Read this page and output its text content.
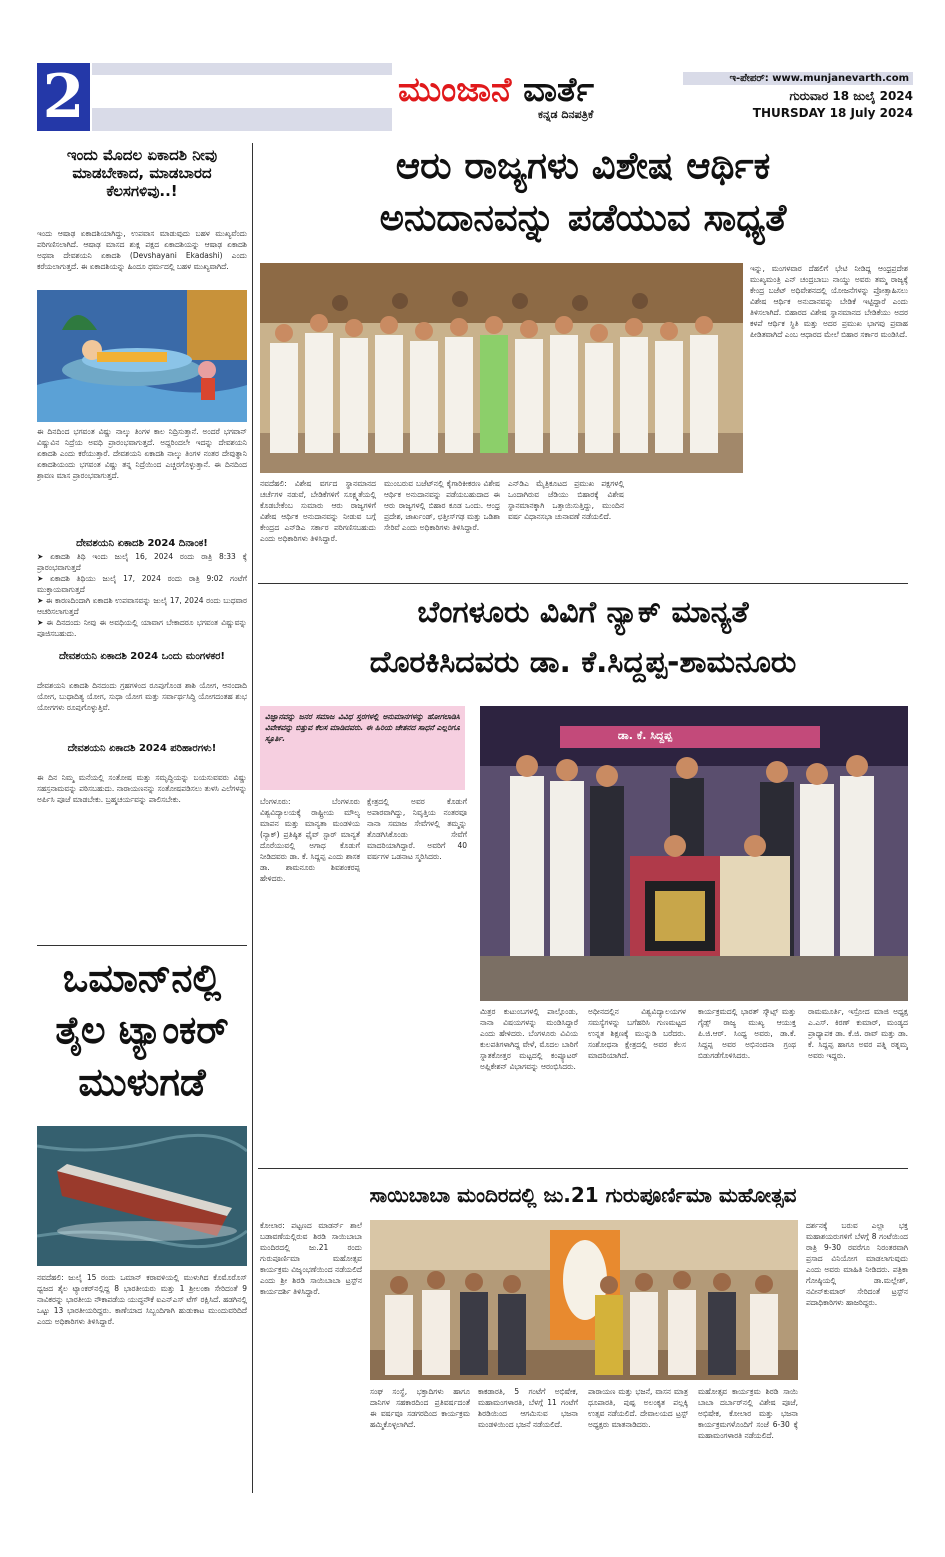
2	ಮುಂಜಾನೆ ವಾರ್ತೆ
ಕನ್ನಡ ದಿನಪತ್ರಿಕೆ
ಇ-ಪೇಪರ್: www.munjanevarth.com
ಗುರುವಾರ 18 ಜುಲೈ 2024
THURSDAY 18 July 2024
ಇಂದು ಮೊದಲ ಏಕಾದಶಿ ನೀವು ಮಾಡಬೇಕಾದ, ಮಾಡಬಾರದ ಕೆಲಸಗಳಿವು..!
ಇಂದು ಆಷಾಢ ಏಕಾದಶಿಯಾಗಿದ್ದು, ಉಪವಾಸ ಮಾಡುವುದು ಬಹಳ ಮುಖ್ಯವೆಂದು ಪರಿಗಣಿಸಲಾಗಿದೆ. ಆಷಾಢ ಮಾಸದ ಶುಕ್ಲ ಪಕ್ಷದ ಏಕಾದಶಿಯನ್ನು ಆಷಾಢ ಏಕಾದಶಿ ಅಥವಾ ದೇವಶಯನಿ ಏಕಾದಶಿ (Devshayani Ekadashi) ಎಂದು ಕರೆಯಲಾಗುತ್ತದೆ. ಈ ಏಕಾದಶಿಯನ್ನು ಹಿಂದೂ ಧರ್ಮದಲ್ಲಿ ಬಹಳ ಮುಖ್ಯವಾಗಿದೆ.
ಈ ದಿನದಿಂದ ಭಗವಂತ ವಿಷ್ಣು ನಾಲ್ಕು ತಿಂಗಳ ಕಾಲ ನಿದ್ರಿಸುತ್ತಾನೆ. ಅಂದರೆ ಭಗವಾನ್ ವಿಷ್ಣುವಿನ ನಿದ್ರೆಯ ಅವಧಿ ಪ್ರಾರಂಭವಾಗುತ್ತದೆ. ಅದ್ದರಿಂದಲೇ ಇದನ್ನು ದೇವಶಯನಿ ಏಕಾದಶಿ ಎಂದು ಕರೆಯುತ್ತಾರೆ. ದೇವಶಯನಿ ಏಕಾದಶಿ ನಾಲ್ಕು ತಿಂಗಳ ನಂತರ ದೇವುತ್ಥಾನಿ ಏಕಾದಶಿಯಂದು ಭಗವಂತ ವಿಷ್ಣು ತನ್ನ ನಿದ್ರೆಯಿಂದ ಎಚ್ಚರಗೊಳ್ಳುತ್ತಾನೆ. ಈ ದಿನದಿಂದ ಶ್ರಾವಣ ಮಾಸ ಪ್ರಾರಂಭವಾಗುತ್ತದೆ.
ದೇವಶಯನಿ ಏಕಾದಶಿ 2024 ದಿನಾಂಕ!
➤ ಏಕಾದಶಿ ತಿಥಿ ಇಂದು ಜುಲೈ 16, 2024 ರಂದು ರಾತ್ರಿ 8:33 ಕ್ಕೆ ಪ್ರಾರಂಭವಾಗುತ್ತದೆ
➤ ಏಕಾದಶಿ ತಿಥಿಯು ಜುಲೈ 17, 2024 ರಂದು ರಾತ್ರಿ 9:02 ಗಂಟೆಗೆ ಮುಕ್ತಾಯವಾಗುತ್ತದೆ
➤ ಈ ಕಾರಣದಿಂದಾಗಿ ಏಕಾದಶಿ ಉಪವಾಸವನ್ನು ಜುಲೈ 17, 2024 ರಂದು ಬುಧವಾರ ಆಚರಿಸಲಾಗುತ್ತದೆ
➤ ಈ ದಿನದಂದು ನೀವು ಈ ಅವಧಿಯಲ್ಲಿ ಯಾವಾಗ ಬೇಕಾದರೂ ಭಗವಂತ ವಿಷ್ಣುವನ್ನು ಪೂಜಿಸಬಹುದು.
ದೇವಶಯನಿ ಏಕಾದಶಿ 2024 ಒಂದು ಮಂಗಳಕರ!
ದೇವಶಯನಿ ಏಕಾದಶಿ ದಿನದಂದು ಗ್ರಹಗಳಿಂದ ರೂಪುಗೊಂಡ ಶಾಶಿ ಯೋಗ, ಆನಂದಾದಿ ಯೋಗ, ಬುಧಾದಿತ್ಯ ಯೋಗ, ಸುಧಾ ಯೋಗ ಮತ್ತು ಸರ್ವಾರ್ಥಸಿದ್ಧಿ ಯೋಗದಂತಹ ಶುಭ ಯೋಗಗಳು ರೂಪುಗೊಳ್ಳುತ್ತಿವೆ.
ದೇವಶಯನಿ ಏಕಾದಶಿ 2024 ಪರಿಹಾರಗಳು!
ಈ ದಿನ ನಿಮ್ಮ ಮನೆಯಲ್ಲಿ ಸಂತೋಷ ಮತ್ತು ಸಮೃದ್ಧಿಯನ್ನು ಬಯಸುವವರು ವಿಷ್ಣು ಸಹಸ್ರನಾಮವನ್ನು ಪಠಿಸಬಹುದು. ನಾರಾಯಣನನ್ನು ಸಂತೋಷಪಡಿಸಲು ತುಳಸಿ ಎಲೆಗಳನ್ನು ಅರ್ಪಿಸಿ ಪೂಜೆ ಮಾಡಬೇಕು. ಬ್ರಹ್ಮಚರ್ಯವನ್ನು ಪಾಲಿಸಬೇಕು.
ಒಮಾನ್‌ನಲ್ಲಿ ತೈಲ ಟ್ಯಾಂಕರ್ ಮುಳುಗಡೆ
ನವದೆಹಲಿ: ಜುಲೈ 15 ರಂದು ಒಮಾನ್ ಕರಾವಳಿಯಲ್ಲಿ ಮುಳುಗಿದ ಕೊಮೊರೊಸ್ ಧ್ವಜದ ತೈಲ ಟ್ಯಾಂಕರ್‌ನಲ್ಲಿದ್ದ 8 ಭಾರತೀಯರು ಮತ್ತು 1 ಶ್ರೀಲಂಕಾ ಸೇರಿದಂತೆ 9 ನಾವಿಕರನ್ನು ಭಾರತೀಯ ನೌಕಾಪಡೆಯ ಯುದ್ಧನೌಕೆ ಐಎನ್‌ಎಸ್ ಟೆಗ್ ರಕ್ಷಿಸಿದೆ. ಹಡಗಿನಲ್ಲಿ ಒಟ್ಟು 13 ಭಾರತೀಯರಿದ್ದರು. ಕಾಣೆಯಾದ ಸಿಬ್ಬಂದಿಗಾಗಿ ಹುಡುಕಾಟ ಮುಂದುವರಿದಿದೆ ಎಂದು ಅಧಿಕಾರಿಗಳು ತಿಳಿಸಿದ್ದಾರೆ.
ಆರು ರಾಜ್ಯಗಳು ವಿಶೇಷ ಆರ್ಥಿಕ
ಅನುದಾನವನ್ನು ಪಡೆಯುವ ಸಾಧ್ಯತೆ
ನವದೆಹಲಿ: ವಿಶೇಷ ವರ್ಗದ ಸ್ಥಾನಮಾನದ ಚರ್ಚೆಗಳ ನಡುವೆ, ಬೇಡಿಕೆಗಳಿಗೆ ಸೂಕ್ಷ್ಮತೆಯಲ್ಲಿ ಕೊಡಬೇಕೆಂಬ ಸುಮಾರು ಆರು ರಾಜ್ಯಗಳಿಗೆ ವಿಶೇಷ ಆರ್ಥಿಕ ಅನುದಾನವನ್ನು ನೀಡುವ ಬಗ್ಗೆ ಕೇಂದ್ರದ ಎನ್‌ಡಿಎ ಸರ್ಕಾರ ಪರಿಗಣಿಸಬಹುದು ಎಂದು ಅಧಿಕಾರಿಗಳು ತಿಳಿಸಿದ್ದಾರೆ.
ಮುಂಬರುವ ಬಜೆಟ್‌ನಲ್ಲಿ ಕೈಗಾರಿಕೀಕರಣ ವಿಶೇಷ ಆರ್ಥಿಕ ಅನುದಾನವನ್ನು ಪಡೆಯಬಹುದಾದ ಈ ಆರು ರಾಜ್ಯಗಳಲ್ಲಿ ಬಿಹಾರ ಕೂಡ ಒಂದು. ಆಂಧ್ರ ಪ್ರದೇಶ, ಜಾರ್ಖಂಡ್, ಛತ್ತೀಸ್‌ಗಢ ಮತ್ತು ಒಡಿಶಾ ಸೇರಿವೆ ಎಂದು ಅಧಿಕಾರಿಗಳು ತಿಳಿಸಿದ್ದಾರೆ.
ಎನ್‌ಡಿಎ ಮೈತ್ರಿಕೂಟದ ಪ್ರಮುಖ ಪಕ್ಷಗಳಲ್ಲಿ ಒಂದಾಗಿರುವ ಜೆಡಿಯು ಬಿಹಾರಕ್ಕೆ ವಿಶೇಷ ಸ್ಥಾನಮಾನಕ್ಕಾಗಿ ಒತ್ತಾಯಿಸುತ್ತಿದ್ದು, ಮುಂದಿನ ವರ್ಷ ವಿಧಾನಸಭಾ ಚುನಾವಣೆ ನಡೆಯಲಿದೆ.
ಇನ್ನು, ಮಂಗಳವಾರ ದೆಹಲಿಗೆ ಭೇಟಿ ನೀಡಿದ್ದ ಆಂಧ್ರಪ್ರದೇಶ ಮುಖ್ಯಮಂತ್ರಿ ಎನ್ ಚಂದ್ರಬಾಬು ನಾಯ್ಡು ಅವರು ತಮ್ಮ ರಾಜ್ಯಕ್ಕೆ ಕೇಂದ್ರ ಬಜೆಟ್ ಅಧಿವೇಶನದಲ್ಲಿ ಯೋಜನೆಗಳನ್ನು ಪ್ರೋತ್ಸಾಹಿಸಲು ವಿಶೇಷ ಆರ್ಥಿಕ ಅನುದಾನವನ್ನು ಬೇಡಿಕೆ ಇಟ್ಟಿದ್ದಾರೆ ಎಂದು ತಿಳಿಸಲಾಗಿದೆ. ಬಿಹಾರದ ವಿಶೇಷ ಸ್ಥಾನಮಾನದ ಬೇಡಿಕೆಯು ಅದರ ಕಳಪೆ ಆರ್ಥಿಕ ಸ್ಥಿತಿ ಮತ್ತು ಅದರ ಪ್ರಮುಖ ಭಾಗವು ಪ್ರವಾಹ ಪೀಡಿತವಾಗಿದೆ ಎಂಬ ಆಧಾರದ ಮೇಲೆ ಬಿಹಾರ ಸರ್ಕಾರ ಮಂಡಿಸಿದೆ.
ಬೆಂಗಳೂರು ವಿವಿಗೆ ನ್ಯಾಕ್ ಮಾನ್ಯತೆ
ದೊರಕಿಸಿದವರು ಡಾ. ಕೆ.ಸಿದ್ದಪ್ಪ-ಶಾಮನೂರು
ವಿಜ್ಞಾನವನ್ನು ಜನರ ಸಮಾಜ ವಿವಿಧ ಸ್ತರಗಳಲ್ಲಿ ಅನುಮಾನಗಳನ್ನು ಹೋಗಲಾಡಿಸಿ ವಿವೇಕವನ್ನು ಬಿತ್ತುವ ಕೆಲಸ ಮಾಡಿದವರು. ಈ ಹಿರಿಯ ಚೇತನದ ಸಾಧನೆ ಎಲ್ಲರಿಗೂ ಸ್ಫೂರ್ತಿ.	ಡಾ. ಕೆ. ಸಿದ್ದಪ್ಪ
ಬೆಂಗಳೂರು: ಬೆಂಗಳೂರು ವಿಶ್ವವಿದ್ಯಾಲಯಕ್ಕೆ ರಾಷ್ಟ್ರೀಯ ಮೌಲ್ಯ ಮಾಪನ ಮತ್ತು ಮಾನ್ಯತಾ ಮಂಡಳಿಯ (ನ್ಯಾಕ್) ಪ್ರತಿಷ್ಠಿತ ಫೈವ್ ಸ್ಟಾರ್ ಮಾನ್ಯತೆ ದೊರೆಯುವಲ್ಲಿ ಅಗಾಧ ಕೊಡುಗೆ ನೀಡಿದವರು ಡಾ. ಕೆ. ಸಿದ್ದಪ್ಪ ಎಂದು ಶಾಸಕ ಡಾ. ಶಾಮನೂರು ಶಿವಶಂಕರಪ್ಪ ಹೇಳಿದರು.
ಕ್ಷೇತ್ರದಲ್ಲಿ ಅವರ ಕೊಡುಗೆ ಅಪಾರವಾಗಿದ್ದು, ನಿವೃತ್ತಿಯ ನಂತರವೂ ನಾನಾ ಸಮಾಜ ಸೇವೆಗಳಲ್ಲಿ ತಮ್ಮನ್ನು ತೊಡಗಿಸಿಕೊಂಡು ಸೇವೆಗೆ ಮಾದರಿಯಾಗಿದ್ದಾರೆ. ಅವರಿಗೆ 40 ವರ್ಷಗಳ ಒಡನಾಟ ಸ್ಮರಿಸಿದರು.
ಮಿತ್ರರ ಕುಟುಂಬಗಳಲ್ಲಿ ಪಾಲ್ಗೊಂಡು, ನಾನಾ ವಿಷಯಗಳನ್ನು ಮಂಡಿಸಿದ್ದಾರೆ ಎಂದು ಹೇಳಿದರು. ಬೆಂಗಳೂರು ವಿವಿಯ ಕುಲಪತಿಗಳಾಗಿದ್ದ ವೇಳೆ, ಮೊದಲ ಬಾರಿಗೆ ಸ್ನಾತಕೋತ್ತರ ಮಟ್ಟದಲ್ಲಿ ಕಂಪ್ಯೂಟರ್ ಅಪ್ಲಿಕೇಶನ್ ವಿಭಾಗವನ್ನು ಆರಂಭಿಸಿದರು.
ಅಧೀನದಲ್ಲಿನ ವಿಶ್ವವಿದ್ಯಾಲಯಗಳ ಸಮಸ್ಯೆಗಳನ್ನು ಬಗೆಹರಿಸಿ ಗುಣಮಟ್ಟದ ಉನ್ನತ ಶಿಕ್ಷಣಕ್ಕೆ ಮುನ್ನುಡಿ ಬರೆದರು. ಸಂಶೋಧನಾ ಕ್ಷೇತ್ರದಲ್ಲಿ ಅವರ ಕೆಲಸ ಮಾದರಿಯಾಗಿದೆ.
ಕಾರ್ಯಕ್ರಮದಲ್ಲಿ ಭಾರತ್ ಸ್ಕೌಟ್ಸ್ ಮತ್ತು ಗೈಡ್ಸ್ ರಾಜ್ಯ ಮುಖ್ಯ ಆಯುಕ್ತ ಪಿ.ಜಿ.ಆರ್. ಸಿಂಧ್ಯ ಅವರು, ಡಾ.ಕೆ. ಸಿದ್ದಪ್ಪ ಅವರ ಅಭಿನಂದನಾ ಗ್ರಂಥ ಬಿಡುಗಡೆಗೊಳಿಸಿದರು.
ರಾಮಮೂರ್ತಿ, ಇಸ್ರೋದ ಮಾಜಿ ಅಧ್ಯಕ್ಷ ಎ.ಎಸ್. ಕಿರಣ್ ಕುಮಾರ್, ಮಂಡ್ಯದ ಪ್ರಾಧ್ಯಾಪಕ ಡಾ. ಕೆ.ಜಿ. ರಾವ್ ಮತ್ತು ಡಾ. ಕೆ. ಸಿದ್ದಪ್ಪ ಹಾಗೂ ಅವರ ಪತ್ನಿ ರತ್ನಮ್ಮ ಅವರು ಇದ್ದರು.
ಸಾಯಿಬಾಬಾ ಮಂದಿರದಲ್ಲಿ ಜು.21 ಗುರುಪೂರ್ಣಿಮಾ ಮಹೋತ್ಸವ
ಕೋಲಾರ: ಪಟ್ಟಣದ ಮಾಡರ್ನ್ ಶಾಲೆ ಬಡಾವಣೆಯಲ್ಲಿರುವ ಶಿರಡಿ ಸಾಯಿಬಾಬಾ ಮಂದಿರದಲ್ಲಿ ಜು.21 ರಂದು ಗುರುಪೂರ್ಣಿಮಾ ಮಹೋತ್ಸವ ಕಾರ್ಯಕ್ರಮ ವಿಜೃಂಭಣೆಯಿಂದ ನಡೆಯಲಿದೆ ಎಂದು ಶ್ರೀ ಶಿರಡಿ ಸಾಯಿಬಾಬಾ ಟ್ರಸ್ಟ್‌ನ ಕಾರ್ಯದರ್ಶಿ ತಿಳಿಸಿದ್ದಾರೆ.
ಸಂಘ ಸಂಸ್ಥೆ, ಭಕ್ತಾದಿಗಳು ಹಾಗೂ ದಾನಿಗಳ ಸಹಕಾರದಿಂದ ಪ್ರತಿವರ್ಷದಂತೆ ಈ ವರ್ಷವೂ ಸಡಗರದಿಂದ ಕಾರ್ಯಕ್ರಮ ಹಮ್ಮಿಕೊಳ್ಳಲಾಗಿದೆ.
ಕಾಕಡಾರತಿ, 5 ಗಂಟೆಗೆ ಅಭಿಷೇಕ, ಮಹಾಮಂಗಳಾರತಿ, ಬೆಳಗ್ಗೆ 11 ಗಂಟೆಗೆ ಶಿರಡಿಯಿಂದ ಆಗಮಿಸುವ ಭಜನಾ ಮಂಡಳಿಯಿಂದ ಭಜನೆ ನಡೆಯಲಿದೆ.
ಪಾರಾಯಣ ಮತ್ತು ಭಜನೆ, ವಾಸನ ಮಾತ್ರ ಧೂಪಾರತಿ, ಪುಷ್ಪ ಅಲಂಕೃತ ಪಲ್ಲಕ್ಕಿ ಉತ್ಸವ ನಡೆಯಲಿದೆ. ದೇವಾಲಯದ ಟ್ರಸ್ಟ್ ಅಧ್ಯಕ್ಷರು ಮಾತನಾಡಿದರು.
ಮಹೋತ್ಸವ ಕಾರ್ಯಕ್ರಮ ಶಿರಡಿ ಸಾಯಿ ಬಾಬಾ ದರ್ಬಾರ್‌ನಲ್ಲಿ ವಿಶೇಷ ಪೂಜೆ, ಅಭಿಷೇಕ, ಕೋಲಾರ ಮತ್ತು ಭಜನಾ ಕಾರ್ಯಕ್ರಮಗಳೊಂದಿಗೆ ಸಂಜೆ 6-30 ಕ್ಕೆ ಮಹಾಮಂಗಳಾರತಿ ನಡೆಯಲಿದೆ.
ದರ್ಶನಕ್ಕೆ ಬರುವ ಎಲ್ಲಾ ಭಕ್ತ ಮಹಾಶಯರುಗಳಿಗೆ ಬೆಳಗ್ಗೆ 8 ಗಂಟೆಯಿಂದ ರಾತ್ರಿ 9-30 ರವರೆಗೂ ನಿರಂತರವಾಗಿ ಪ್ರಸಾದ ವಿನಿಯೋಗ ಮಾಡಲಾಗುವುದು ಎಂದು ಅವರು ಮಾಹಿತಿ ನೀಡಿದರು. ಪತ್ರಿಕಾ ಗೋಷ್ಠಿಯಲ್ಲಿ ಡಾ.ಮಲ್ಲೇಶ್, ನವೀನ್‌ಕುಮಾರ್ ಸೇರಿದಂತೆ ಟ್ರಸ್ಟ್‌ನ ಪದಾಧಿಕಾರಿಗಳು ಹಾಜರಿದ್ದರು.
